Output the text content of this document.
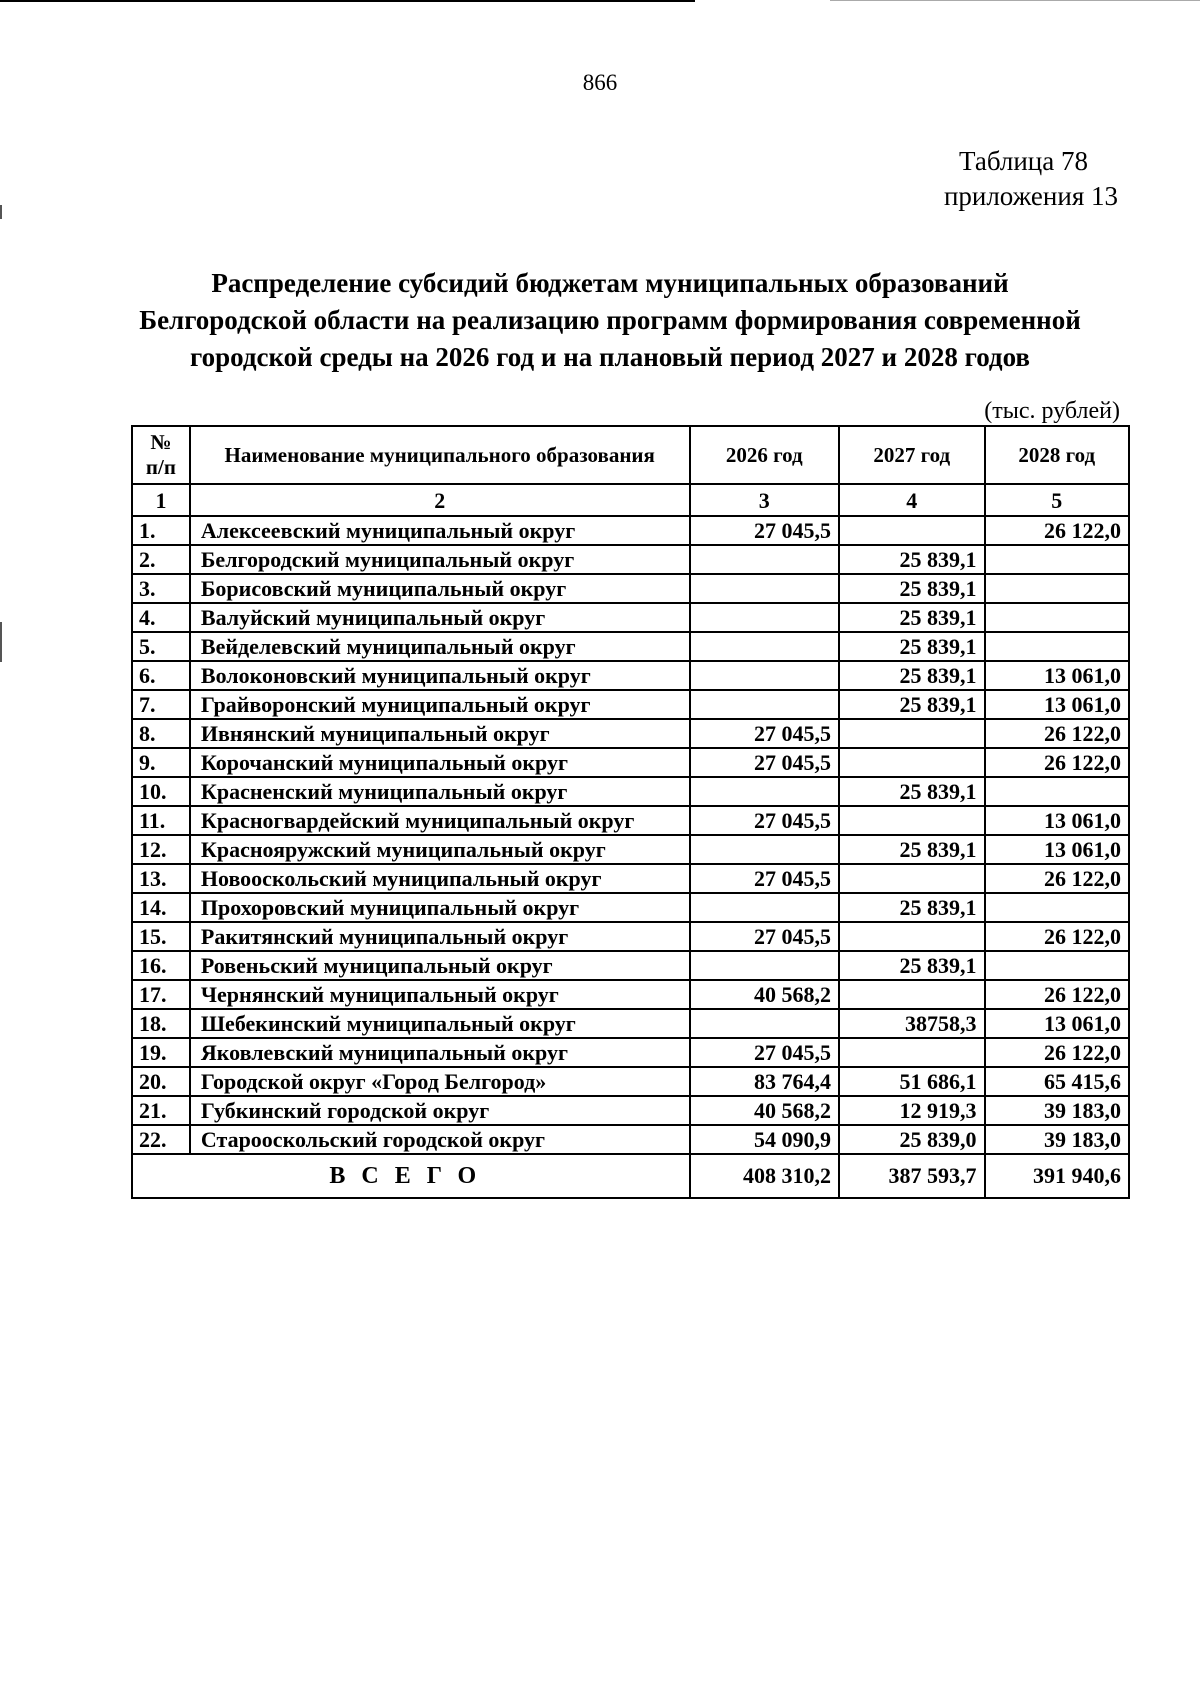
866
Таблица 78
приложения 13
Распределение субсидий бюджетам муниципальных образований
Белгородской области на реализацию программ формирования современной
городской среды на 2026 год и на плановый период 2027 и 2028 годов
(тыс. рублей)
№ п/п	Наименование муниципального образования	2026 год	2027 год	2028 год
1	2	3	4	5
1.	Алексеевский муниципальный округ	27 045,5		26 122,0
2.	Белгородский муниципальный округ		25 839,1	
3.	Борисовский муниципальный округ		25 839,1	
4.	Валуйский муниципальный округ		25 839,1	
5.	Вейделевский муниципальный округ		25 839,1	
6.	Волоконовский муниципальный округ		25 839,1	13 061,0
7.	Грайворонский муниципальный округ		25 839,1	13 061,0
8.	Ивнянский муниципальный округ	27 045,5		26 122,0
9.	Корочанский муниципальный округ	27 045,5		26 122,0
10.	Красненский муниципальный округ		25 839,1	
11.	Красногвардейский муниципальный округ	27 045,5		13 061,0
12.	Краснояружский муниципальный округ		25 839,1	13 061,0
13.	Новооскольский муниципальный округ	27 045,5		26 122,0
14.	Прохоровский муниципальный округ		25 839,1	
15.	Ракитянский муниципальный округ	27 045,5		26 122,0
16.	Ровеньский муниципальный округ		25 839,1	
17.	Чернянский муниципальный округ	40 568,2		26 122,0
18.	Шебекинский муниципальный округ		38758,3	13 061,0
19.	Яковлевский муниципальный округ	27 045,5		26 122,0
20.	Городской округ «Город Белгород»	83 764,4	51 686,1	65 415,6
21.	Губкинский городской округ	40 568,2	12 919,3	39 183,0
22.	Старооскольский городской округ	54 090,9	25 839,0	39 183,0
ВСЕГО		408 310,2	387 593,7	391 940,6
